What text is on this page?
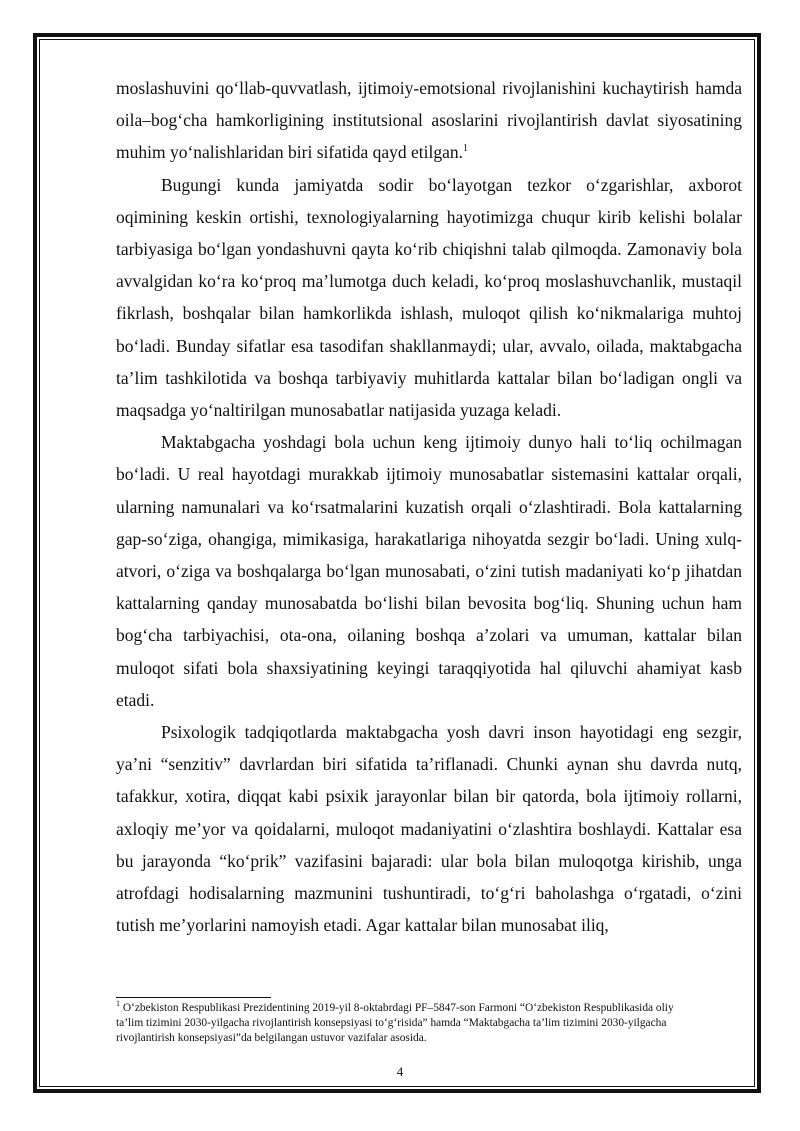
moslashuvini qo‘llab-quvvatlash, ijtimoiy-emotsional rivojlanishini kuchaytirish hamda oila–bog‘cha hamkorligining institutsional asoslarini rivojlantirish davlat siyosatining muhim yo‘nalishlaridan biri sifatida qayd etilgan.$^1$

Bugungi kunda jamiyatda sodir bo‘layotgan tezkor o‘zgarishlar, axborot oqimining keskin ortishi, texnologiyalarning hayotimizga chuqur kirib kelishi bolalar tarbiyasiga bo‘lgan yondashuvni qayta ko‘rib chiqishni talab qilmoqda. Zamonaviy bola avvalgidan ko‘ra ko‘proq ma’lumotga duch keladi, ko‘proq moslashuvchanlik, mustaqil fikrlash, boshqalar bilan hamkorlikda ishlash, muloqot qilish ko‘nikmalariga muhtoj bo‘ladi. Bunday sifatlar esa tasodifan shakllanmaydi; ular, avvalo, oilada, maktabgacha ta’lim tashkilotida va boshqa tarbiyaviy muhitlarda kattalar bilan bo‘ladigan ongli va maqsadga yo‘naltirilgan munosabatlar natijasida yuzaga keladi.

Maktabgacha yoshdagi bola uchun keng ijtimoiy dunyo hali to‘liq ochilmagan bo‘ladi. U real hayotdagi murakkab ijtimoiy munosabatlar sistemasini kattalar orqali, ularning namunalari va ko‘rsatmalarini kuzatish orqali o‘zlashtiradi. Bola kattalarning gap-so‘ziga, ohangiga, mimikasiga, harakatlariga nihoyatda sezgir bo‘ladi. Uning xulq-atvori, o‘ziga va boshqalarga bo‘lgan munosabati, o‘zini tutish madaniyati ko‘p jihatdan kattalarning qanday munosabatda bo‘lishi bilan bevosita bog‘liq. Shuning uchun ham bog‘cha tarbiyachisi, ota-ona, oilaning boshqa a’zolari va umuman, kattalar bilan muloqot sifati bola shaxsiyatining keyingi taraqqiyotida hal qiluvchi ahamiyat kasb etadi.

Psixologik tadqiqotlarda maktabgacha yosh davri inson hayotidagi eng sezgir, ya’ni “senzitiv” davrlardan biri sifatida ta’riflanadi. Chunki aynan shu davrda nutq, tafakkur, xotira, diqqat kabi psixik jarayonlar bilan bir qatorda, bola ijtimoiy rollarni, axloqiy me’yor va qoidalarni, muloqot madaniyatini o‘zlashtira boshlaydi. Kattalar esa bu jarayonda “ko‘prik” vazifasini bajaradi: ular bola bilan muloqotga kirishib, unga atrofdagi hodisalarning mazmunini tushuntiradi, to‘g‘ri baholashga o‘rgatadi, o‘zini tutish me’yorlarini namoyish etadi. Agar kattalar bilan munosabat iliq,

$^1$ O‘zbekiston Respublikasi Prezidentining 2019-yil 8-oktabrdagi PF–5847-son Farmoni “O‘zbekiston Respublikasida oliy ta’lim tizimini 2030-yilgacha rivojlantirish konsepsiyasi to‘g‘risida” hamda “Maktabgacha ta’lim tizimini 2030-yilgacha rivojlantirish konsepsiyasi”da belgilangan ustuvor vazifalar asosida.
4
